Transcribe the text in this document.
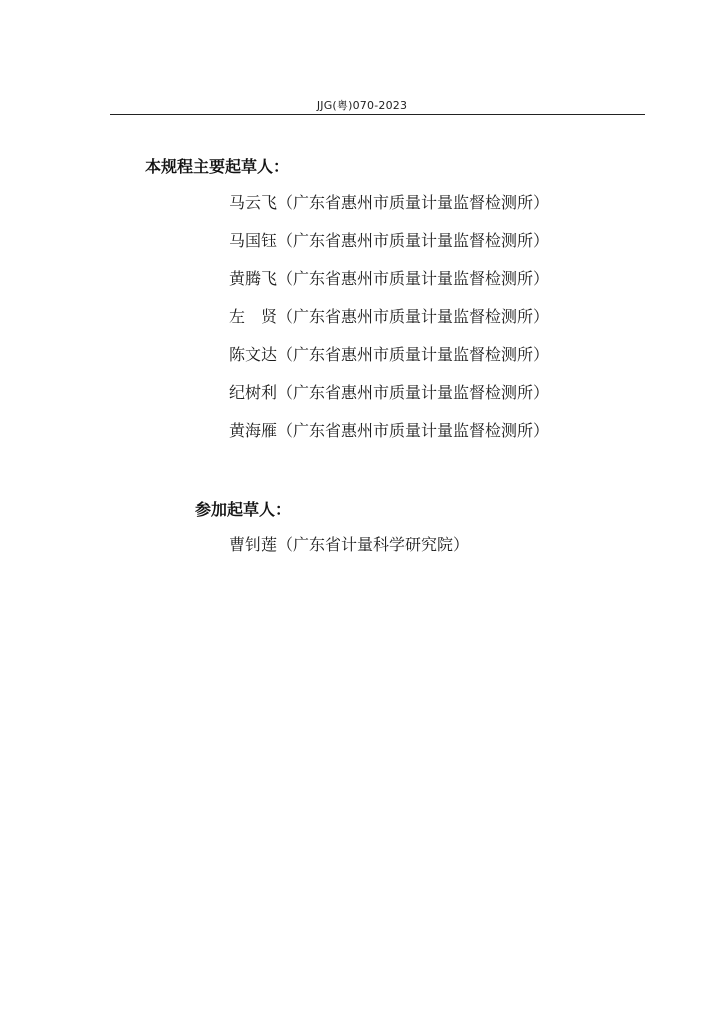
JJG(粤)070-2023
本规程主要起草人：
马云飞（广东省惠州市质量计量监督检测所）
马国钰（广东省惠州市质量计量监督检测所）
黄腾飞（广东省惠州市质量计量监督检测所）
左　贤（广东省惠州市质量计量监督检测所）
陈文达（广东省惠州市质量计量监督检测所）
纪树利（广东省惠州市质量计量监督检测所）
黄海雁（广东省惠州市质量计量监督检测所）
参加起草人：
曹钊莲（广东省计量科学研究院）
